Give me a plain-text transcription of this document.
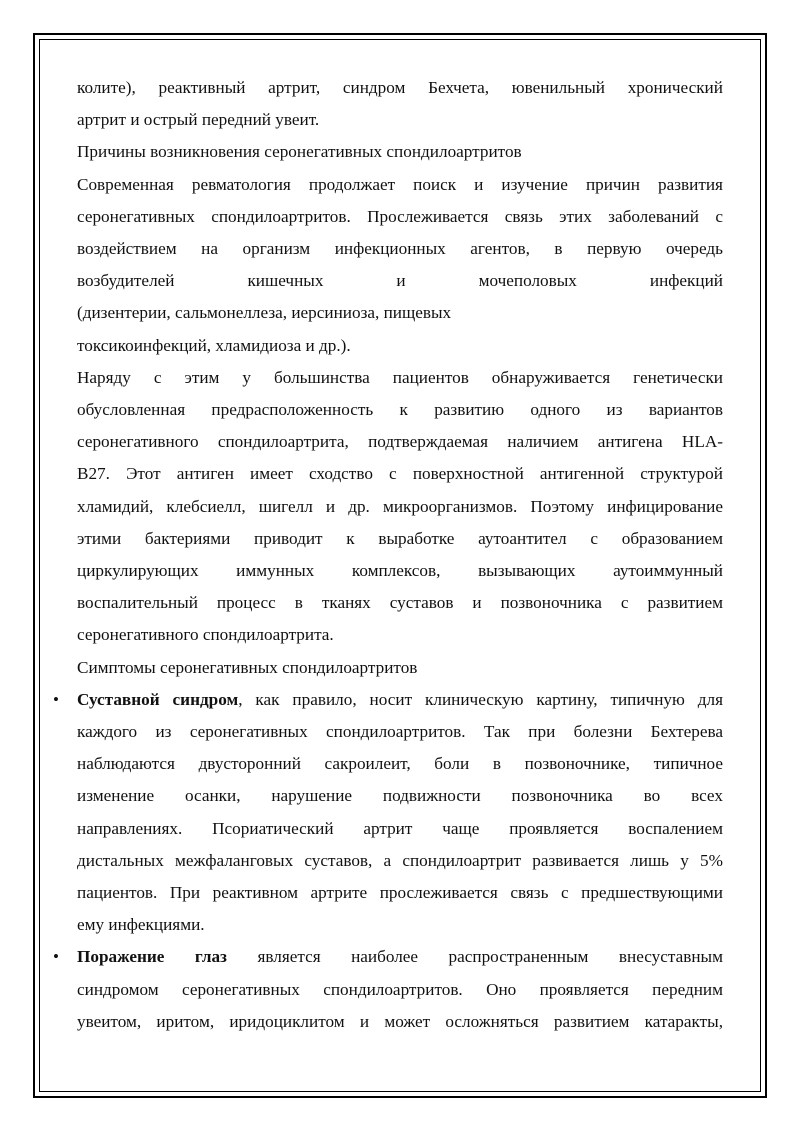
колите), реактивный артрит, синдром Бехчета, ювенильный хронический
артрит и острый передний увеит.
Причины возникновения серонегативных спондилоартритов
Современная ревматология продолжает поиск и изучение причин развития
серонегативных спондилоартритов. Прослеживается связь этих заболеваний с
воздействием на организм инфекционных агентов, в первую очередь
возбудителей	кишечных	и	мочеполовых	инфекций
(дизентерии, сальмонеллеза, иерсиниоза, пищевых
токсикоинфекций, хламидиоза и др.).
Наряду с этим у большинства пациентов обнаруживается генетически
обусловленная предрасположенность к развитию одного из вариантов
серонегативного спондилоартрита, подтверждаемая наличием антигена HLA-
B27. Этот антиген имеет сходство с поверхностной антигенной структурой
хламидий, клебсиелл, шигелл и др. микроорганизмов. Поэтому инфицирование
этими бактериями приводит к выработке аутоантител с образованием
циркулирующих иммунных комплексов, вызывающих аутоиммунный
воспалительный процесс в тканях суставов и позвоночника с развитием
серонегативного спондилоартрита.
Симптомы серонегативных спондилоартритов
• Суставной синдром, как правило, носит клиническую картину, типичную для
каждого из серонегативных спондилоартритов. Так при болезни Бехтерева
наблюдаются двусторонний сакроилеит, боли в позвоночнике, типичное
изменение осанки, нарушение подвижности позвоночника во всех
направлениях. Псориатический артрит чаще проявляется воспалением
дистальных межфаланговых суставов, а спондилоартрит развивается лишь у 5%
пациентов. При реактивном артрите прослеживается связь с предшествующими
ему инфекциями.
• Поражение глаз является наиболее распространенным внесуставным
синдромом серонегативных спондилоартритов. Оно проявляется передним
увеитом, иритом, иридоциклитом и может осложняться развитием катаракты,
